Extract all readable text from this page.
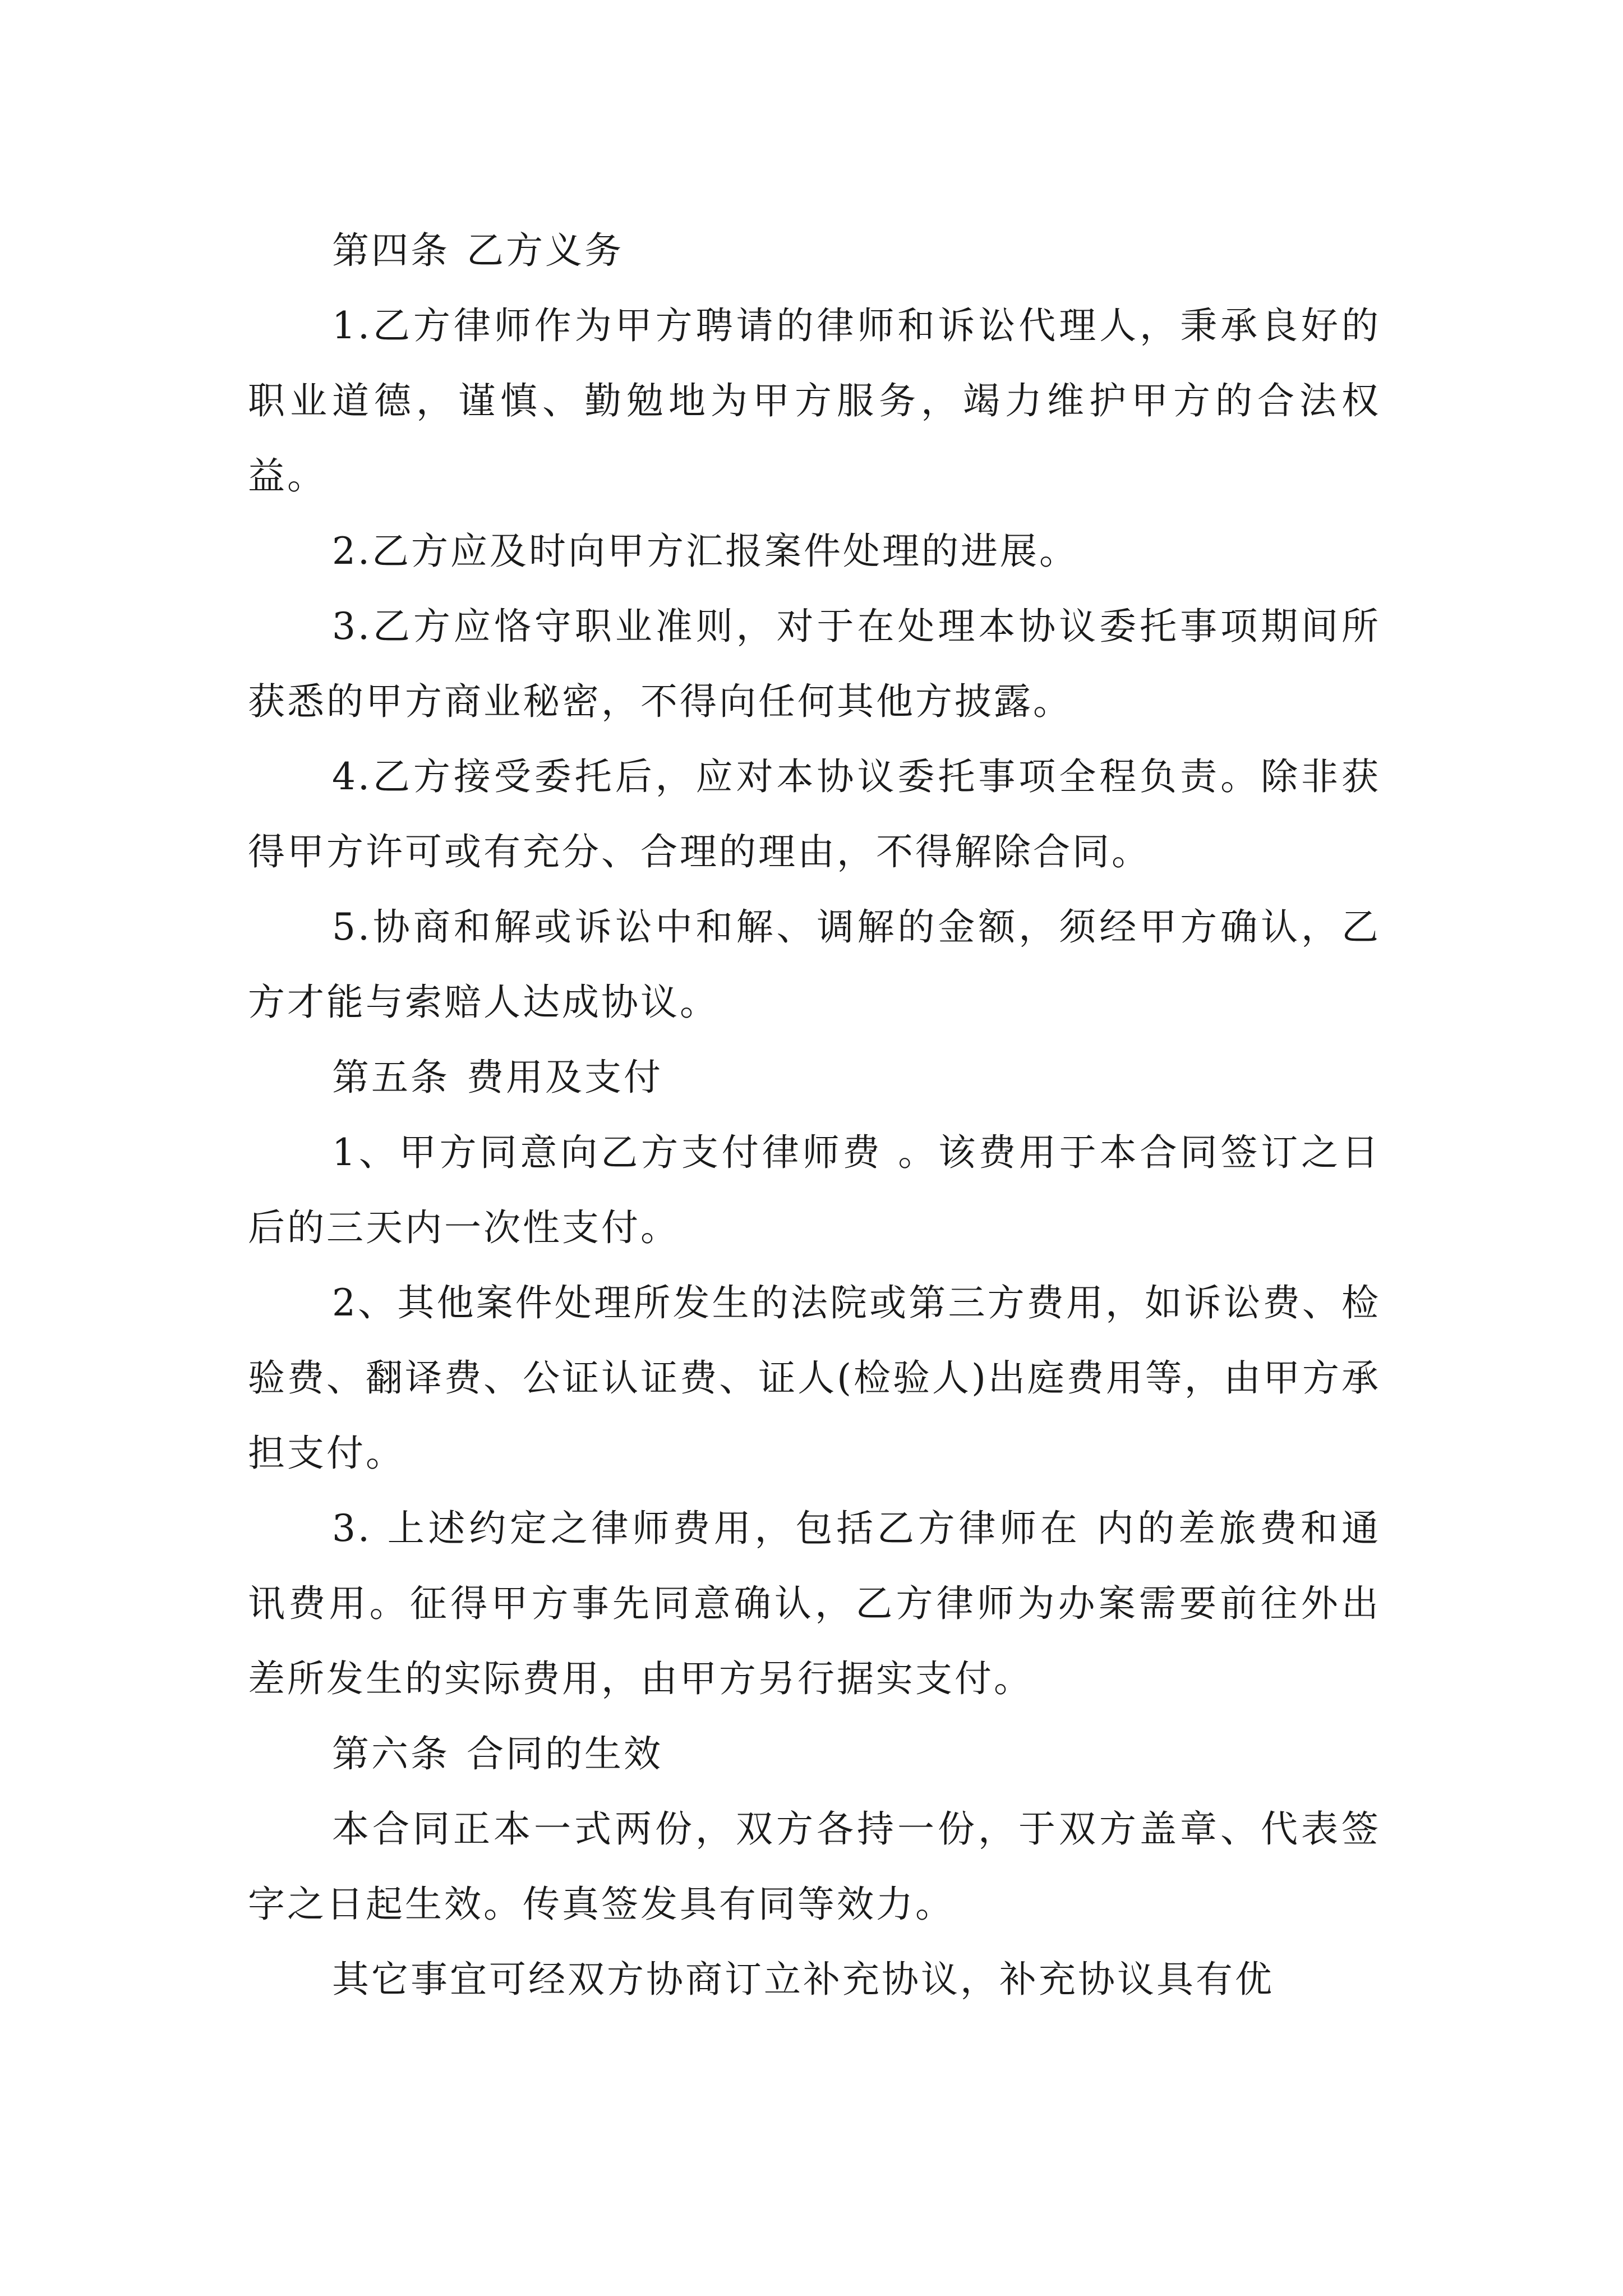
第四条 乙方义务

1.乙方律师作为甲方聘请的律师和诉讼代理人，秉承良好的职业道德，谨慎、勤勉地为甲方服务，竭力维护甲方的合法权益。

2.乙方应及时向甲方汇报案件处理的进展。

3.乙方应恪守职业准则，对于在处理本协议委托事项期间所获悉的甲方商业秘密，不得向任何其他方披露。

4.乙方接受委托后，应对本协议委托事项全程负责。除非获得甲方许可或有充分、合理的理由，不得解除合同。

5.协商和解或诉讼中和解、调解的金额，须经甲方确认，乙方才能与索赔人达成协议。

第五条 费用及支付

1、甲方同意向乙方支付律师费 。该费用于本合同签订之日后的三天内一次性支付。

2、其他案件处理所发生的法院或第三方费用，如诉讼费、检验费、翻译费、公证认证费、证人(检验人)出庭费用等，由甲方承担支付。

3. 上述约定之律师费用，包括乙方律师在 内的差旅费和通讯费用。征得甲方事先同意确认，乙方律师为办案需要前往外出差所发生的实际费用，由甲方另行据实支付。

第六条 合同的生效

本合同正本一式两份，双方各持一份，于双方盖章、代表签字之日起生效。传真签发具有同等效力。

其它事宜可经双方协商订立补充协议，补充协议具有优
